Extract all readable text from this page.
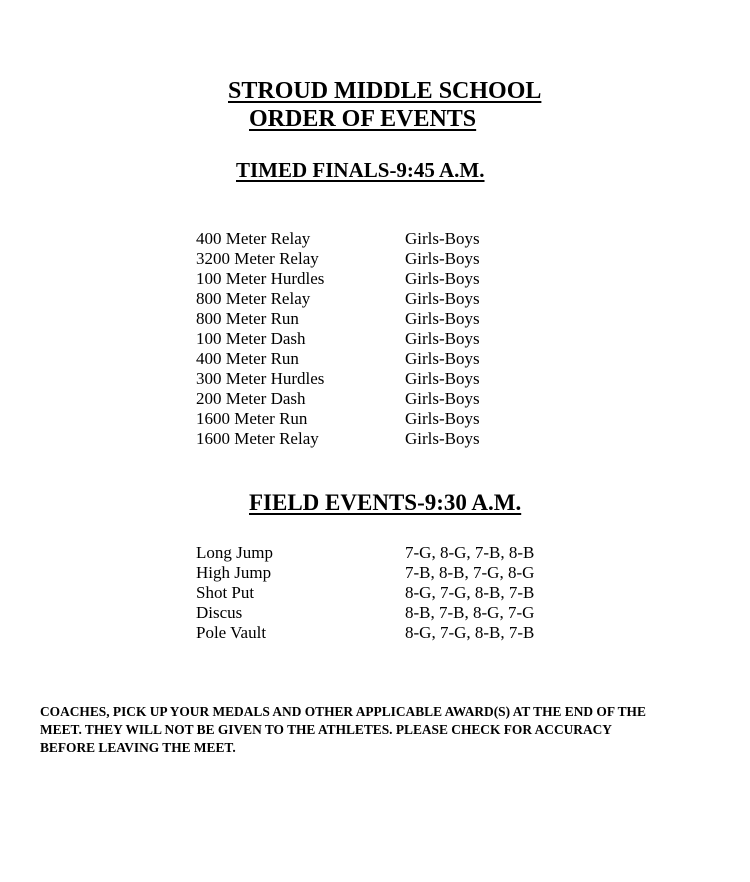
STROUD MIDDLE SCHOOL
ORDER OF EVENTS
TIMED FINALS-9:45 A.M.
400 Meter Relay	Girls-Boys
3200 Meter Relay	Girls-Boys
100 Meter Hurdles	Girls-Boys
800 Meter Relay	Girls-Boys
800 Meter Run	Girls-Boys
100 Meter Dash	Girls-Boys
400 Meter Run	Girls-Boys
300 Meter Hurdles	Girls-Boys
200 Meter Dash	Girls-Boys
1600 Meter Run	Girls-Boys
1600 Meter Relay	Girls-Boys
FIELD EVENTS-9:30 A.M.
Long Jump	7-G, 8-G, 7-B, 8-B
High Jump	7-B, 8-B, 7-G, 8-G
Shot Put	8-G, 7-G, 8-B, 7-B
Discus	8-B, 7-B, 8-G, 7-G
Pole Vault	8-G, 7-G, 8-B, 7-B

COACHES, PICK UP YOUR MEDALS AND OTHER APPLICABLE AWARD(S) AT THE END OF THE
MEET. THEY WILL NOT BE GIVEN TO THE ATHLETES. PLEASE CHECK FOR ACCURACY
BEFORE LEAVING THE MEET.
